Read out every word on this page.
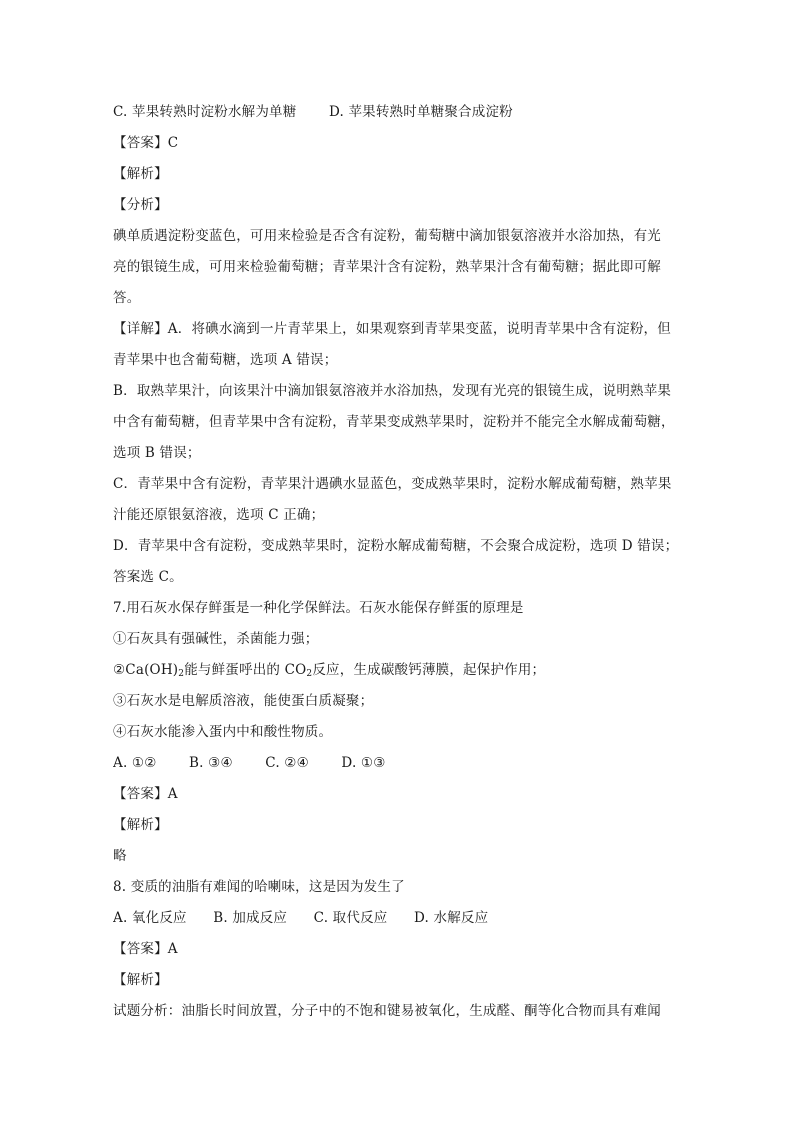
C. 苹果转熟时淀粉水解为单糖 D. 苹果转熟时单糖聚合成淀粉
【答案】C
【解析】
【分析】
碘单质遇淀粉变蓝色，可用来检验是否含有淀粉，葡萄糖中滴加银氨溶液并水浴加热，有光
亮的银镜生成，可用来检验葡萄糖；青苹果汁含有淀粉，熟苹果汁含有葡萄糖；据此即可解
答。
【详解】A．将碘水滴到一片青苹果上，如果观察到青苹果变蓝，说明青苹果中含有淀粉，但
青苹果中也含葡萄糖，选项 A 错误；
B．取熟苹果汁，向该果汁中滴加银氨溶液并水浴加热，发现有光亮的银镜生成，说明熟苹果
中含有葡萄糖，但青苹果中含有淀粉，青苹果变成熟苹果时，淀粉并不能完全水解成葡萄糖，
选项 B 错误；
C．青苹果中含有淀粉，青苹果汁遇碘水显蓝色，变成熟苹果时，淀粉水解成葡萄糖，熟苹果
汁能还原银氨溶液，选项 C 正确；
D．青苹果中含有淀粉，变成熟苹果时，淀粉水解成葡萄糖，不会聚合成淀粉，选项 D 错误；
答案选 C。
7.用石灰水保存鲜蛋是一种化学保鲜法。石灰水能保存鲜蛋的原理是
①石灰具有强碱性，杀菌能力强；
$②Ca(OH)_2$能与鲜蛋呼出的 $CO_2$反应，生成碳酸钙薄膜，起保护作用；
③石灰水是电解质溶液，能使蛋白质凝聚；
④石灰水能渗入蛋内中和酸性物质。
A. ①② B. ③④ C. ②④ D. ①③
【答案】A
【解析】
略
8. 变质的油脂有难闻的哈喇味，这是因为发生了
A. 氧化反应 B. 加成反应 C. 取代反应 D. 水解反应
【答案】A
【解析】
试题分析：油脂长时间放置，分子中的不饱和键易被氧化，生成醛、酮等化合物而具有难闻
